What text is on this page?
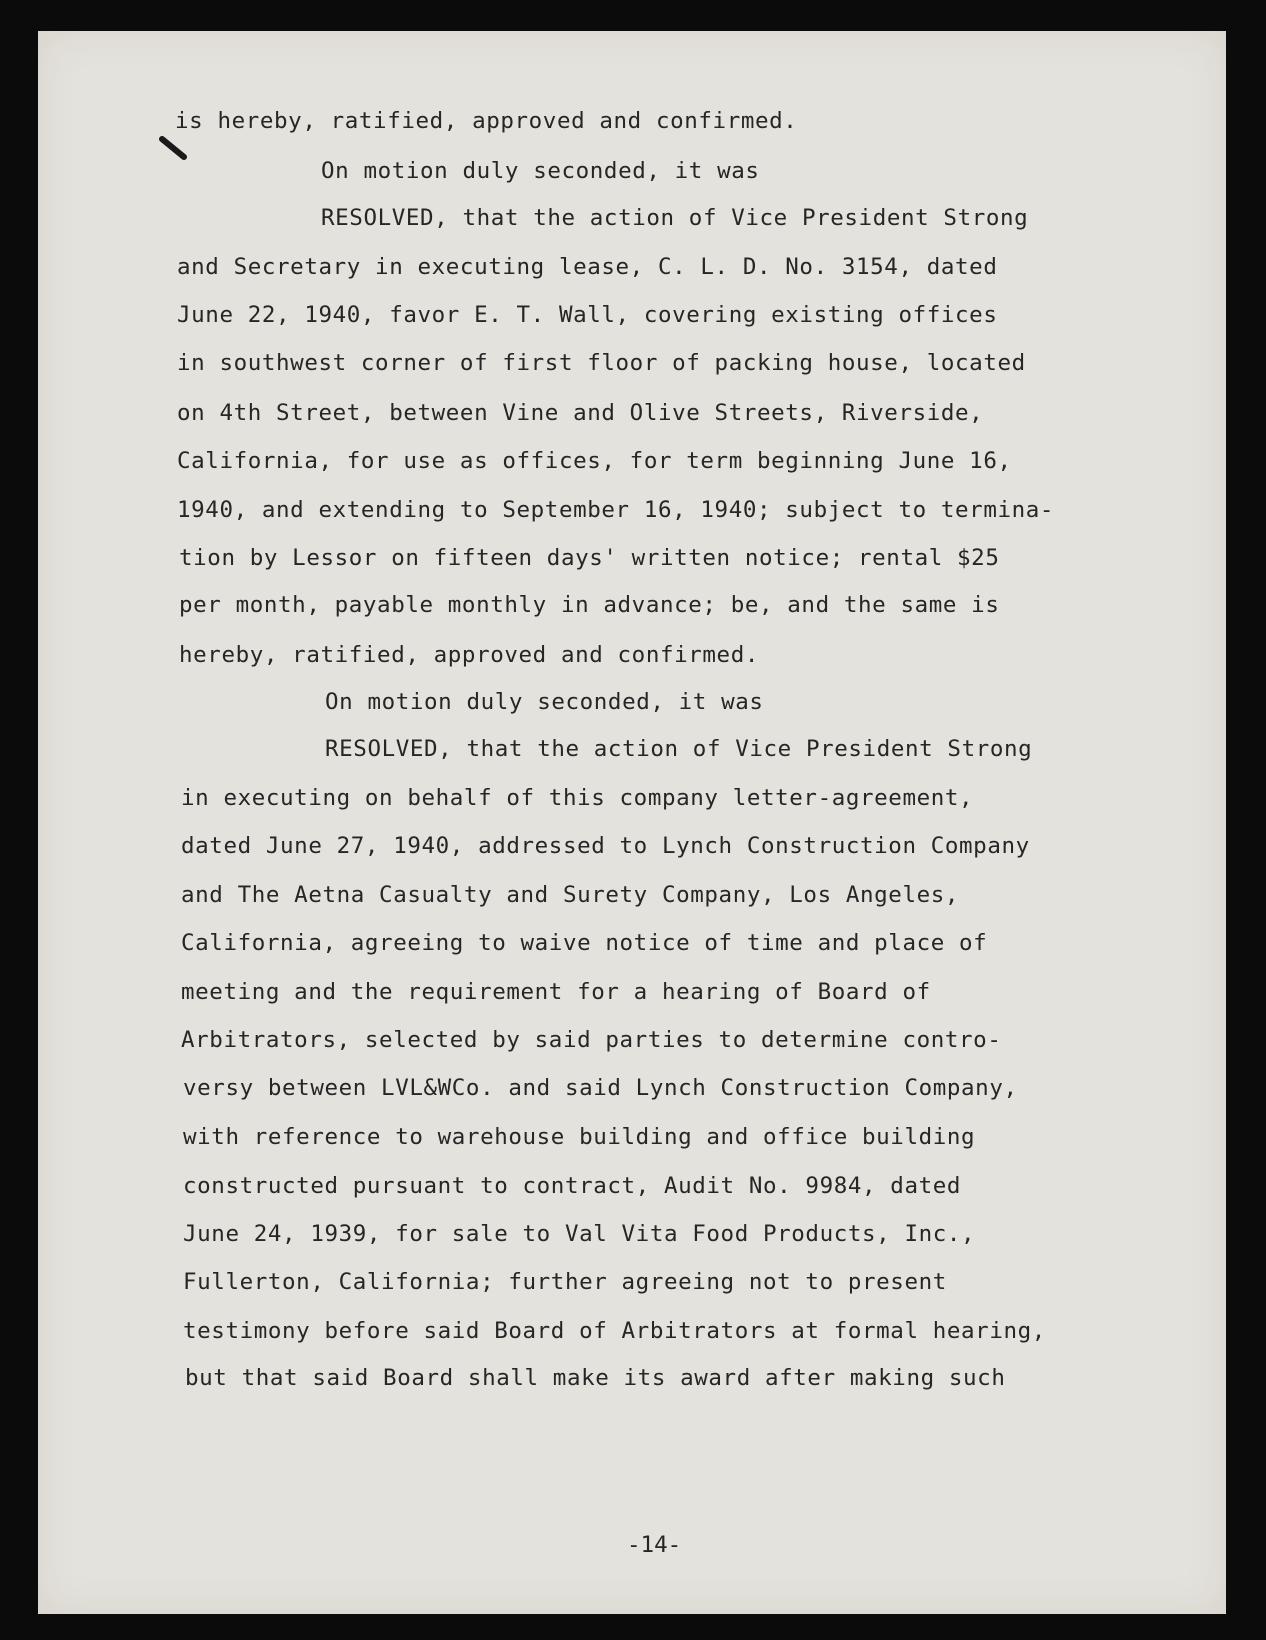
is hereby, ratified, approved and confirmed.
On motion duly seconded, it was
RESOLVED, that the action of Vice President Strong
and Secretary in executing lease, C. L. D. No. 3154, dated
June 22, 1940, favor E. T. Wall, covering existing offices
in southwest corner of first floor of packing house, located
on 4th Street, between Vine and Olive Streets, Riverside,
California, for use as offices, for term beginning June 16,
1940, and extending to September 16, 1940; subject to termina-
tion by Lessor on fifteen days' written notice; rental $25
per month, payable monthly in advance; be, and the same is
hereby, ratified, approved and confirmed.
On motion duly seconded, it was
RESOLVED, that the action of Vice President Strong
in executing on behalf of this company letter-agreement,
dated June 27, 1940, addressed to Lynch Construction Company
and The Aetna Casualty and Surety Company, Los Angeles,
California, agreeing to waive notice of time and place of
meeting and the requirement for a hearing of Board of
Arbitrators, selected by said parties to determine contro-
versy between LVL&WCo. and said Lynch Construction Company,
with reference to warehouse building and office building
constructed pursuant to contract, Audit No. 9984, dated
June 24, 1939, for sale to Val Vita Food Products, Inc.,
Fullerton, California; further agreeing not to present
testimony before said Board of Arbitrators at formal hearing,
but that said Board shall make its award after making such
-14-
